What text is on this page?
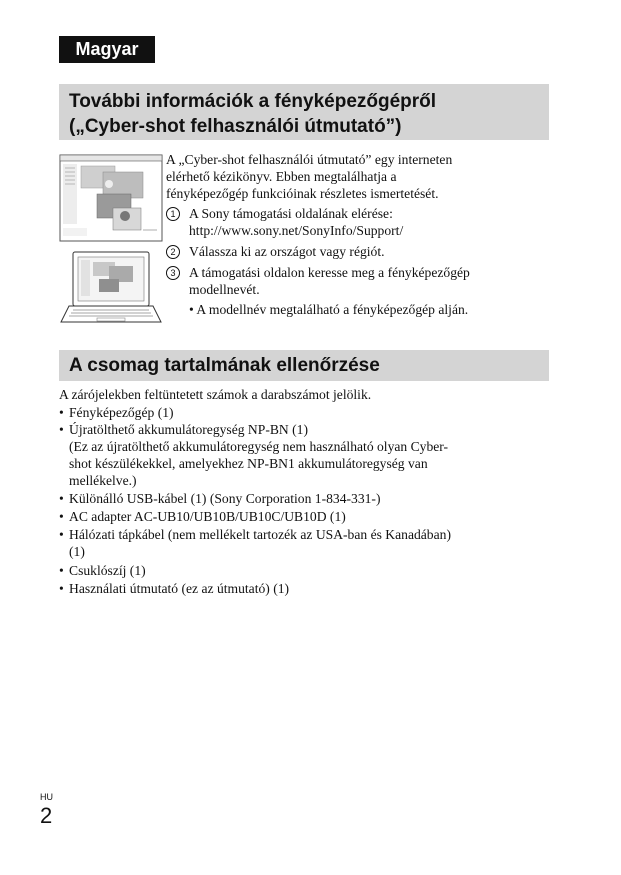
Magyar
További információk a fényképezőgépről
(„Cyber-shot felhasználói útmutató”)

A „Cyber-shot felhasználói útmutató” egy interneten

elérhető kézikönyv. Ebben megtalálhatja a

fényképezőgép funkcióinak részletes ismertetését.

1 A Sony támogatási oldalának elérése:

http://www.sony.net/SonyInfo/Support/

2 Válassza ki az országot vagy régiót.

3 A támogatási oldalon keresse meg a fényképezőgép

modellnevét.

• A modellnév megtalálható a fényképezőgép alján.

A csomag tartalmának ellenőrzése

A zárójelekben feltüntetett számok a darabszámot jelölik.

• Fényképezőgép (1)
• Újratölthető akkumulátoregység NP-BN (1)
(Ez az újratölthető akkumulátoregység nem használható olyan Cyber-
shot készülékekkel, amelyekhez NP-BN1 akkumulátoregység van
mellékelve.)
• Különálló USB-kábel (1) (Sony Corporation 1-834-331-)
• AC adapter AC-UB10/UB10B/UB10C/UB10D (1)
• Hálózati tápkábel (nem mellékelt tartozék az USA-ban és Kanadában)
(1)
• Csuklószíj (1)
• Használati útmutató (ez az útmutató) (1)
HU
2
